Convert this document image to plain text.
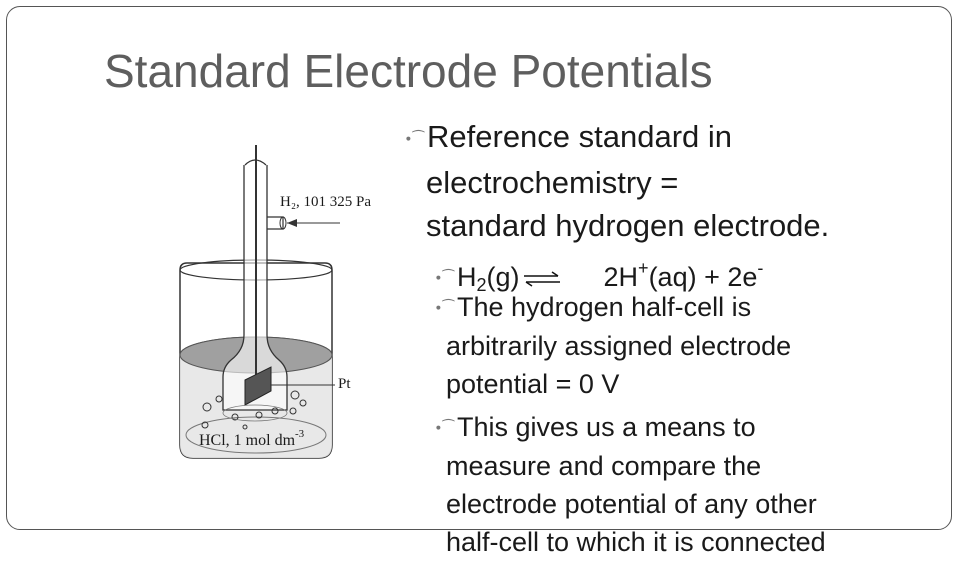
Standard Electrode Potentials
H₂, 101 325 Pa
Pt
HCl, 1 mol $dm^{-3}$
∙⁀Reference standard in
electrochemistry =
standard hydrogen electrode.
∙⁀ $H_2(g)$ ⇌ 2H+(aq) + 2e-
∙⁀ The hydrogen half-cell is
arbitrarily assigned electrode
potential = 0 V
∙⁀ This gives us a means to
measure and compare the
electrode potential of any other
half-cell to which it is connected
